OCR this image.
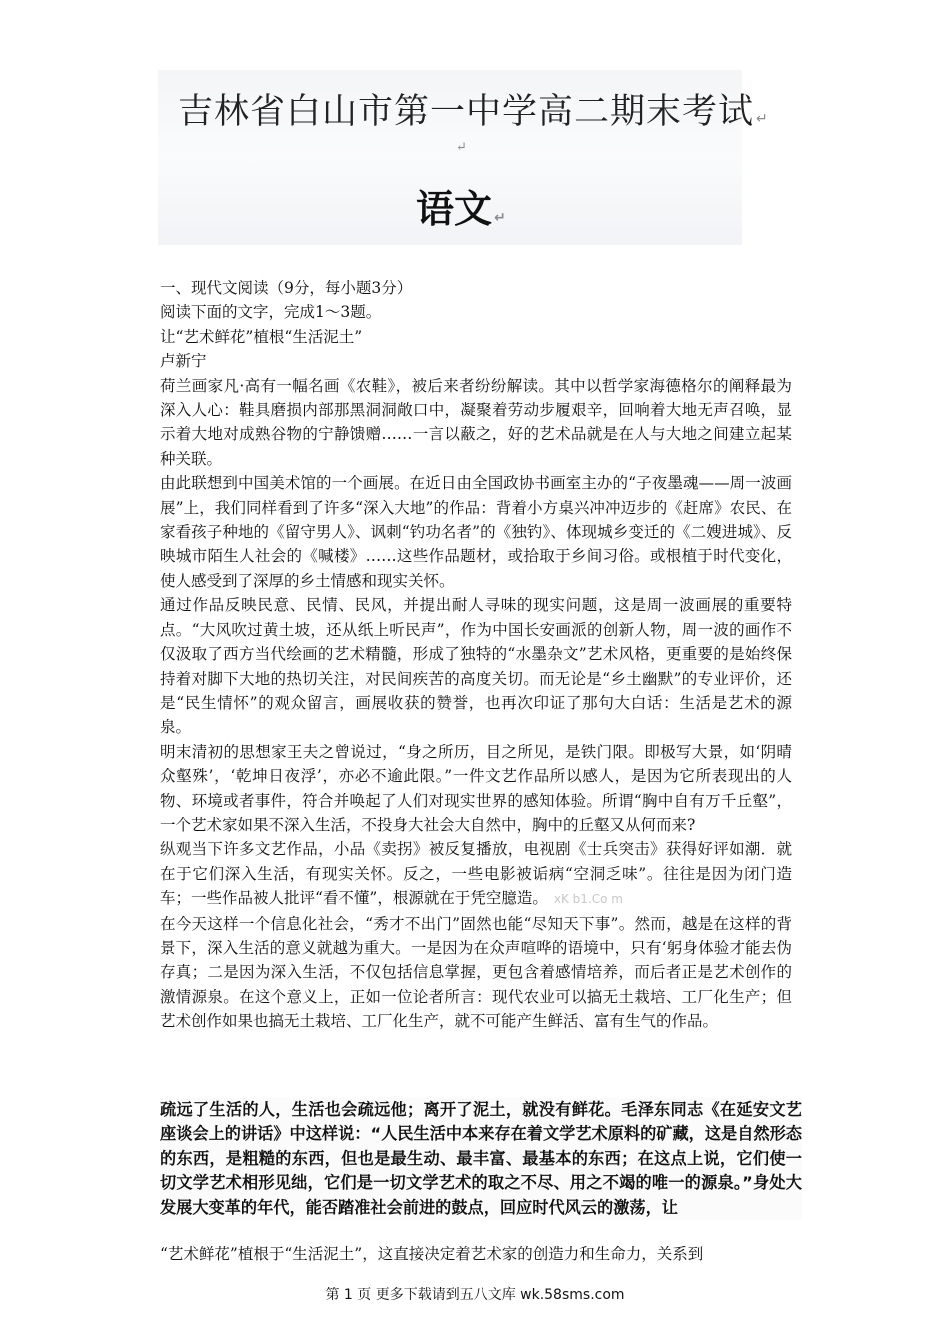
吉林省白山市第一中学高二期末考试 ↵
↵
语文 ↵

一、现代文阅读（9分，每小题3分）

阅读下面的文字，完成1～3题。

让“艺术鲜花”植根“生活泥土”

卢新宁

荷兰画家凡·高有一幅名画《农鞋》，被后来者纷纷解读。其中以哲学家海德格尔的阐释最为深入人心：鞋具磨损内部那黑洞洞敞口中，凝聚着劳动步履艰辛，回响着大地无声召唤，显示着大地对成熟谷物的宁静馈赠……一言以蔽之，好的艺术品就是在人与大地之间建立起某种关联。

由此联想到中国美术馆的一个画展。在近日由全国政协书画室主办的“子夜墨魂——周一波画展”上，我们同样看到了许多“深入大地”的作品：背着小方桌兴冲冲迈步的《赶席》农民、在家看孩子种地的《留守男人》、讽刺“钓功名者”的《独钓》、体现城乡变迁的《二嫂进城》、反映城市陌生人社会的《喊楼》……这些作品题材，或拾取于乡间习俗。或根植于时代变化，使人感受到了深厚的乡土情感和现实关怀。

通过作品反映民意、民情、民风，并提出耐人寻味的现实问题，这是周一波画展的重要特点。“大风吹过黄土坡，还从纸上听民声”，作为中国长安画派的创新人物，周一波的画作不仅汲取了西方当代绘画的艺术精髓，形成了独特的“水墨杂文”艺术风格，更重要的是始终保持着对脚下大地的热切关注，对民间疾苦的高度关切。而无论是“乡土幽默”的专业评价，还是“民生情怀”的观众留言，画展收获的赞誉，也再次印证了那句大白话：生活是艺术的源泉。

明末清初的思想家王夫之曾说过，“身之所历，目之所见，是铁门限。即极写大景，如‘阴晴众壑殊’，‘乾坤日夜浮’，亦必不逾此限。”一件文艺作品所以感人，是因为它所表现出的人物、环境或者事件，符合并唤起了人们对现实世界的感知体验。所谓“胸中自有万千丘壑”，一个艺术家如果不深入生活，不投身大社会大自然中，胸中的丘壑又从何而来?

纵观当下许多文艺作品，小品《卖拐》被反复播放，电视剧《士兵突击》获得好评如潮．就在于它们深入生活，有现实关怀。反之，一些电影被诟病“空洞乏味”。往往是因为闭门造车；一些作品被人批评“看不懂”，根源就在于凭空臆造。 xK b1.Co m

在今天这样一个信息化社会，“秀才不出门”固然也能“尽知天下事”。然而，越是在这样的背景下，深入生活的意义就越为重大。一是因为在众声喧哗的语境中，只有‘躬身体验才能去伪存真；二是因为深入生活，不仅包括信息掌握，更包含着感情培养，而后者正是艺术创作的激情源泉。在这个意义上，正如一位论者所言：现代农业可以搞无土栽培、工厂化生产；但艺术创作如果也搞无土栽培、工厂化生产，就不可能产生鲜活、富有生气的作品。

疏远了生活的人，生活也会疏远他；离开了泥土，就没有鲜花。毛泽东同志《在延安文艺座谈会上的讲话》中这样说：“人民生活中本来存在着文学艺术原料的矿藏，这是自然形态的东西，是粗糙的东西，但也是最生动、最丰富、最基本的东西；在这点上说，它们使一切文学艺术相形见绌，它们是一切文学艺术的取之不尽、用之不竭的唯一的源泉。”身处大发展大变革的年代，能否踏准社会前进的鼓点，回应时代风云的激荡，让

“艺术鲜花”植根于“生活泥土”，这直接决定着艺术家的创造力和生命力，关系到

第 1 页 更多下载请到五八文库 wk.58sms.com
